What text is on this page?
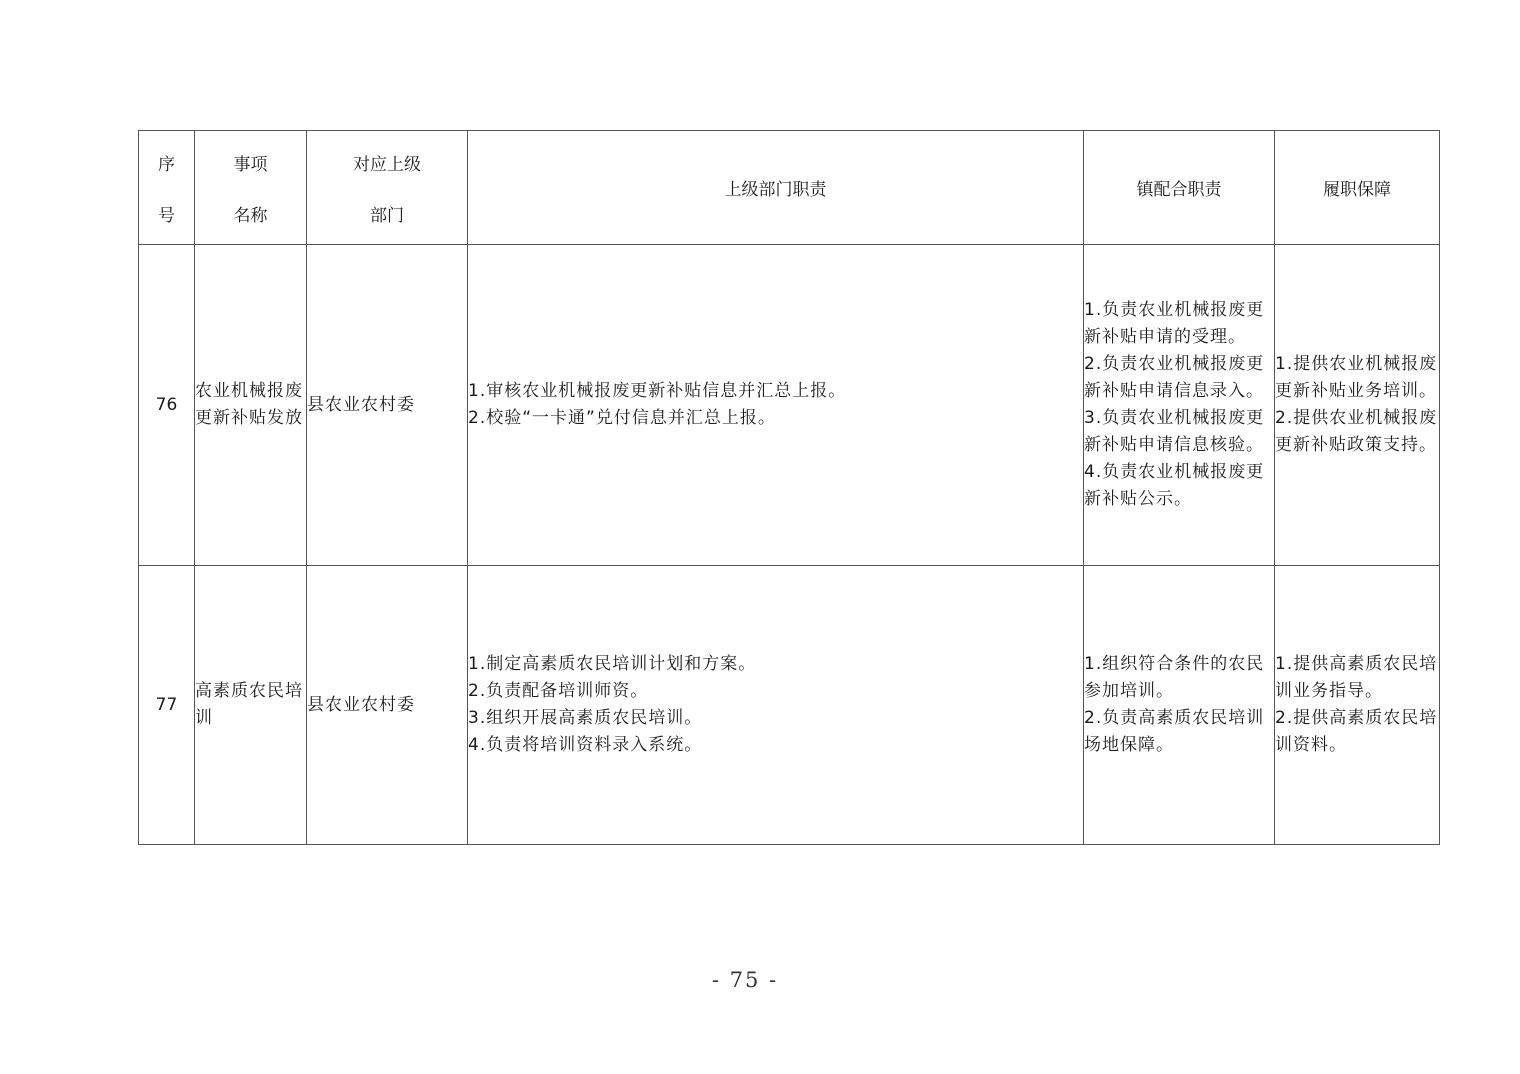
序
号	事项
名称	对应上级
部门	上级部门职责	镇配合职责	履职保障
76	农业机械报废更新补贴发放	县农业农村委	1.审核农业机械报废更新补贴信息并汇总上报。
2.校验“一卡通”兑付信息并汇总上报。	1.负责农业机械报废更新补贴申请的受理。
2.负责农业机械报废更新补贴申请信息录入。
3.负责农业机械报废更新补贴申请信息核验。
4.负责农业机械报废更新补贴公示。	1.提供农业机械报废更新补贴业务培训。
2.提供农业机械报废更新补贴政策支持。

77	高素质农民培训	县农业农村委	1.制定高素质农民培训计划和方案。
2.负责配备培训师资。
3.组织开展高素质农民培训。
4.负责将培训资料录入系统。	1.组织符合条件的农民参加培训。
2.负责高素质农民培训场地保障。	1.提供高素质农民培训业务指导。
2.提供高素质农民培训资料。
- 75 -
